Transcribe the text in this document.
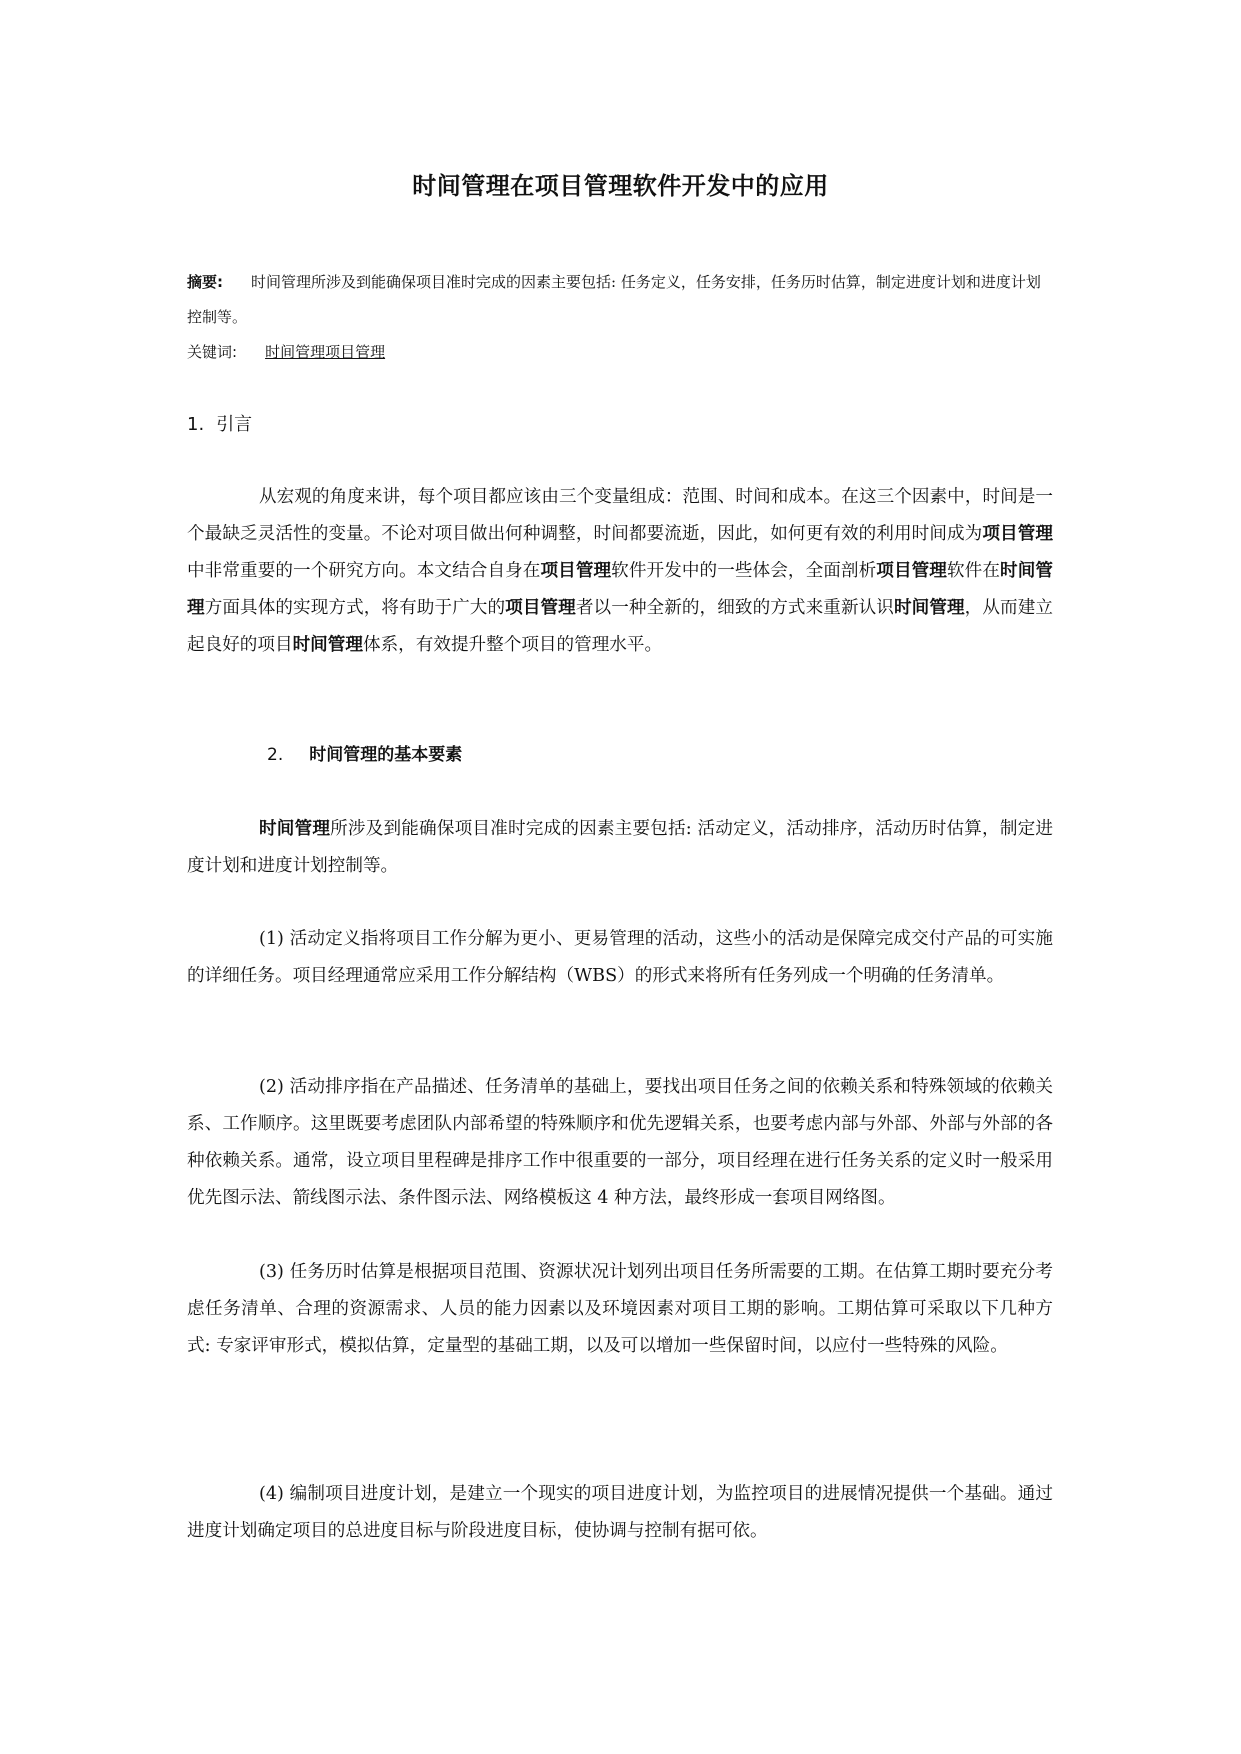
时间管理在项目管理软件开发中的应用
摘要: 时间管理所涉及到能确保项目准时完成的因素主要包括: 任务定义，任务安排，任务历时估算，制定进度计划和进度计划控制等。
关键词: 时间管理项目管理
1. 引言

从宏观的角度来讲，每个项目都应该由三个变量组成：范围、时间和成本。在这三个因素中，时间是一个最缺乏灵活性的变量。不论对项目做出何种调整，时间都要流逝，因此，如何更有效的利用时间成为项目管理中非常重要的一个研究方向。本文结合自身在项目管理软件开发中的一些体会，全面剖析项目管理软件在时间管理方面具体的实现方式，将有助于广大的项目管理者以一种全新的，细致的方式来重新认识时间管理，从而建立起良好的项目时间管理体系，有效提升整个项目的管理水平。

2. 时间管理的基本要素

时间管理所涉及到能确保项目准时完成的因素主要包括: 活动定义，活动排序，活动历时估算，制定进度计划和进度计划控制等。

(1) 活动定义指将项目工作分解为更小、更易管理的活动，这些小的活动是保障完成交付产品的可实施的详细任务。项目经理通常应采用工作分解结构（WBS）的形式来将所有任务列成一个明确的任务清单。

(2) 活动排序指在产品描述、任务清单的基础上，要找出项目任务之间的依赖关系和特殊领域的依赖关系、工作顺序。这里既要考虑团队内部希望的特殊顺序和优先逻辑关系，也要考虑内部与外部、外部与外部的各种依赖关系。通常，设立项目里程碑是排序工作中很重要的一部分，项目经理在进行任务关系的定义时一般采用优先图示法、箭线图示法、条件图示法、网络模板这 4 种方法，最终形成一套项目网络图。

(3) 任务历时估算是根据项目范围、资源状况计划列出项目任务所需要的工期。在估算工期时要充分考虑任务清单、合理的资源需求、人员的能力因素以及环境因素对项目工期的影响。工期估算可采取以下几种方式: 专家评审形式，模拟估算，定量型的基础工期，以及可以增加一些保留时间，以应付一些特殊的风险。

(4) 编制项目进度计划，是建立一个现实的项目进度计划，为监控项目的进展情况提供一个基础。通过进度计划确定项目的总进度目标与阶段进度目标，使协调与控制有据可依。
